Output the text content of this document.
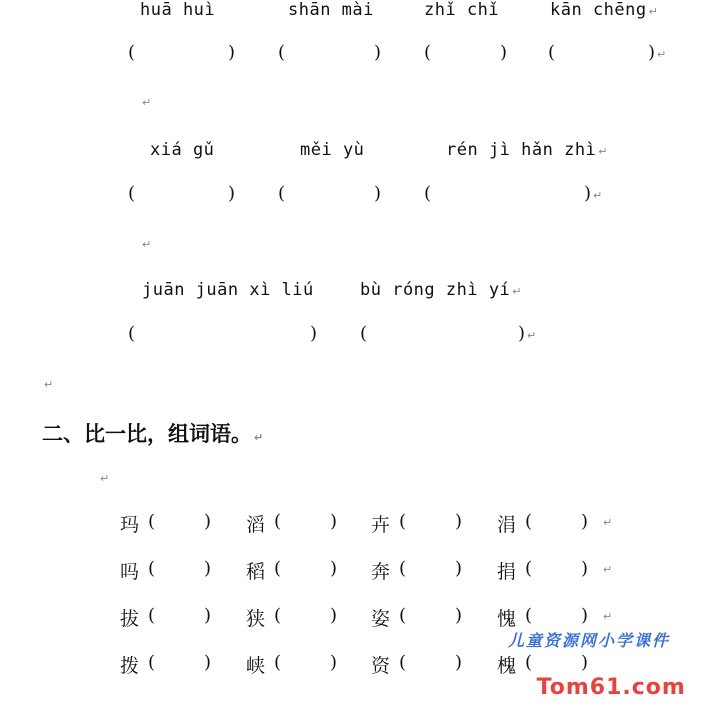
huā huì	shān mài	zhǐ chǐ	kān chēng ↵
(	) (	) (	) (	) ↵
↵
xiá gǔ	měi yù	rén jì hǎn zhì ↵
(	) (	) (	) ↵
↵
juān juān xì liú	bù róng zhì yí ↵
(	) (	) ↵
↵
二、比一比，组词语。 ↵
↵
玛 (	) 滔 (	) 卉 (	) 涓 (	) ↵
吗 (	) 稻 (	) 奔 (	) 捐 (	) ↵
拔 (	) 狭 (	) 姿 (	) 愧 (	) ↵
拨 (	) 峡 (	) 资 (	) 槐 (	)

儿童资源网小学课件

Tom61.com
